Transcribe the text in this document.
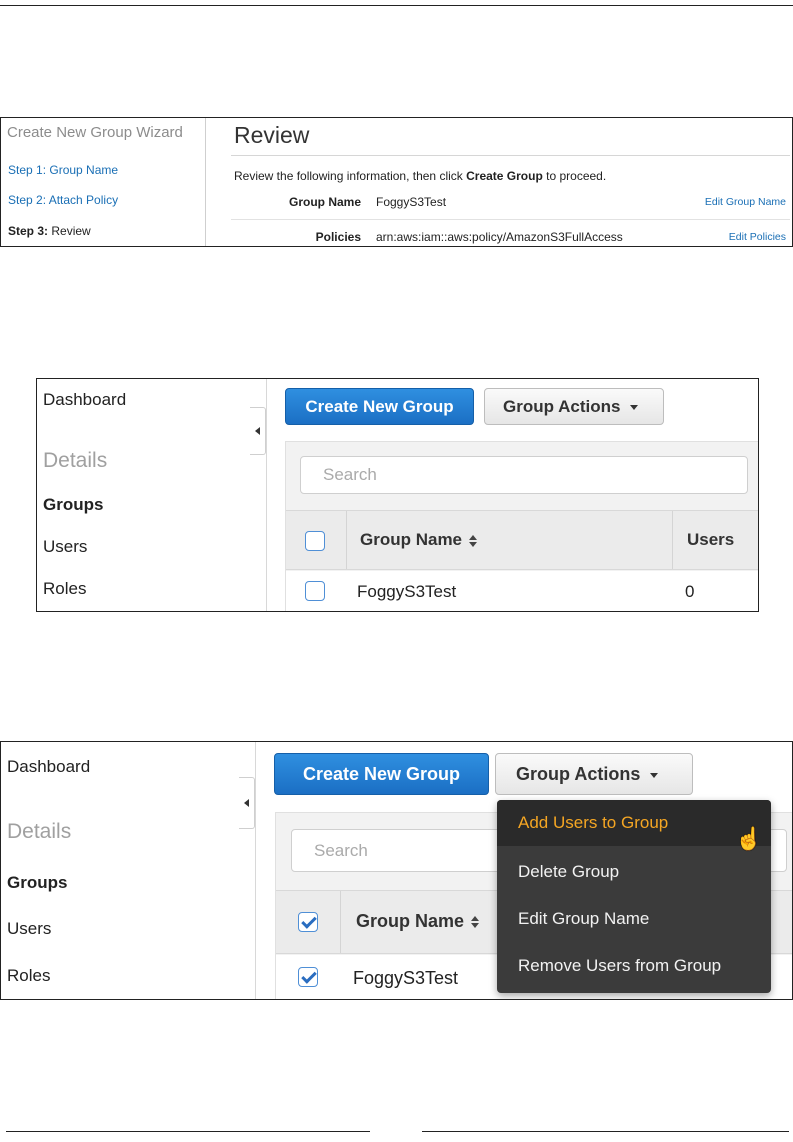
Create New Group Wizard
Step 1: Group Name
Step 2: Attach Policy
Step 3: Review
Review
Review the following information, then click Create Group to proceed.
Group Name FoggyS3Test	Edit Group Name
Policies arn:aws:iam::aws:policy/AmazonS3FullAccess	Edit Policies
Dashboard
Details
Groups
Users
Roles
Create New Group	Group Actions
Search
Group Name	Users
FoggyS3Test	0
Dashboard
Details
Groups
Users
Roles
Create New Group	Group Actions
Search
Group Name
FoggyS3Test
Add Users to Group
Delete Group
Edit Group Name
Remove Users from Group
☝
